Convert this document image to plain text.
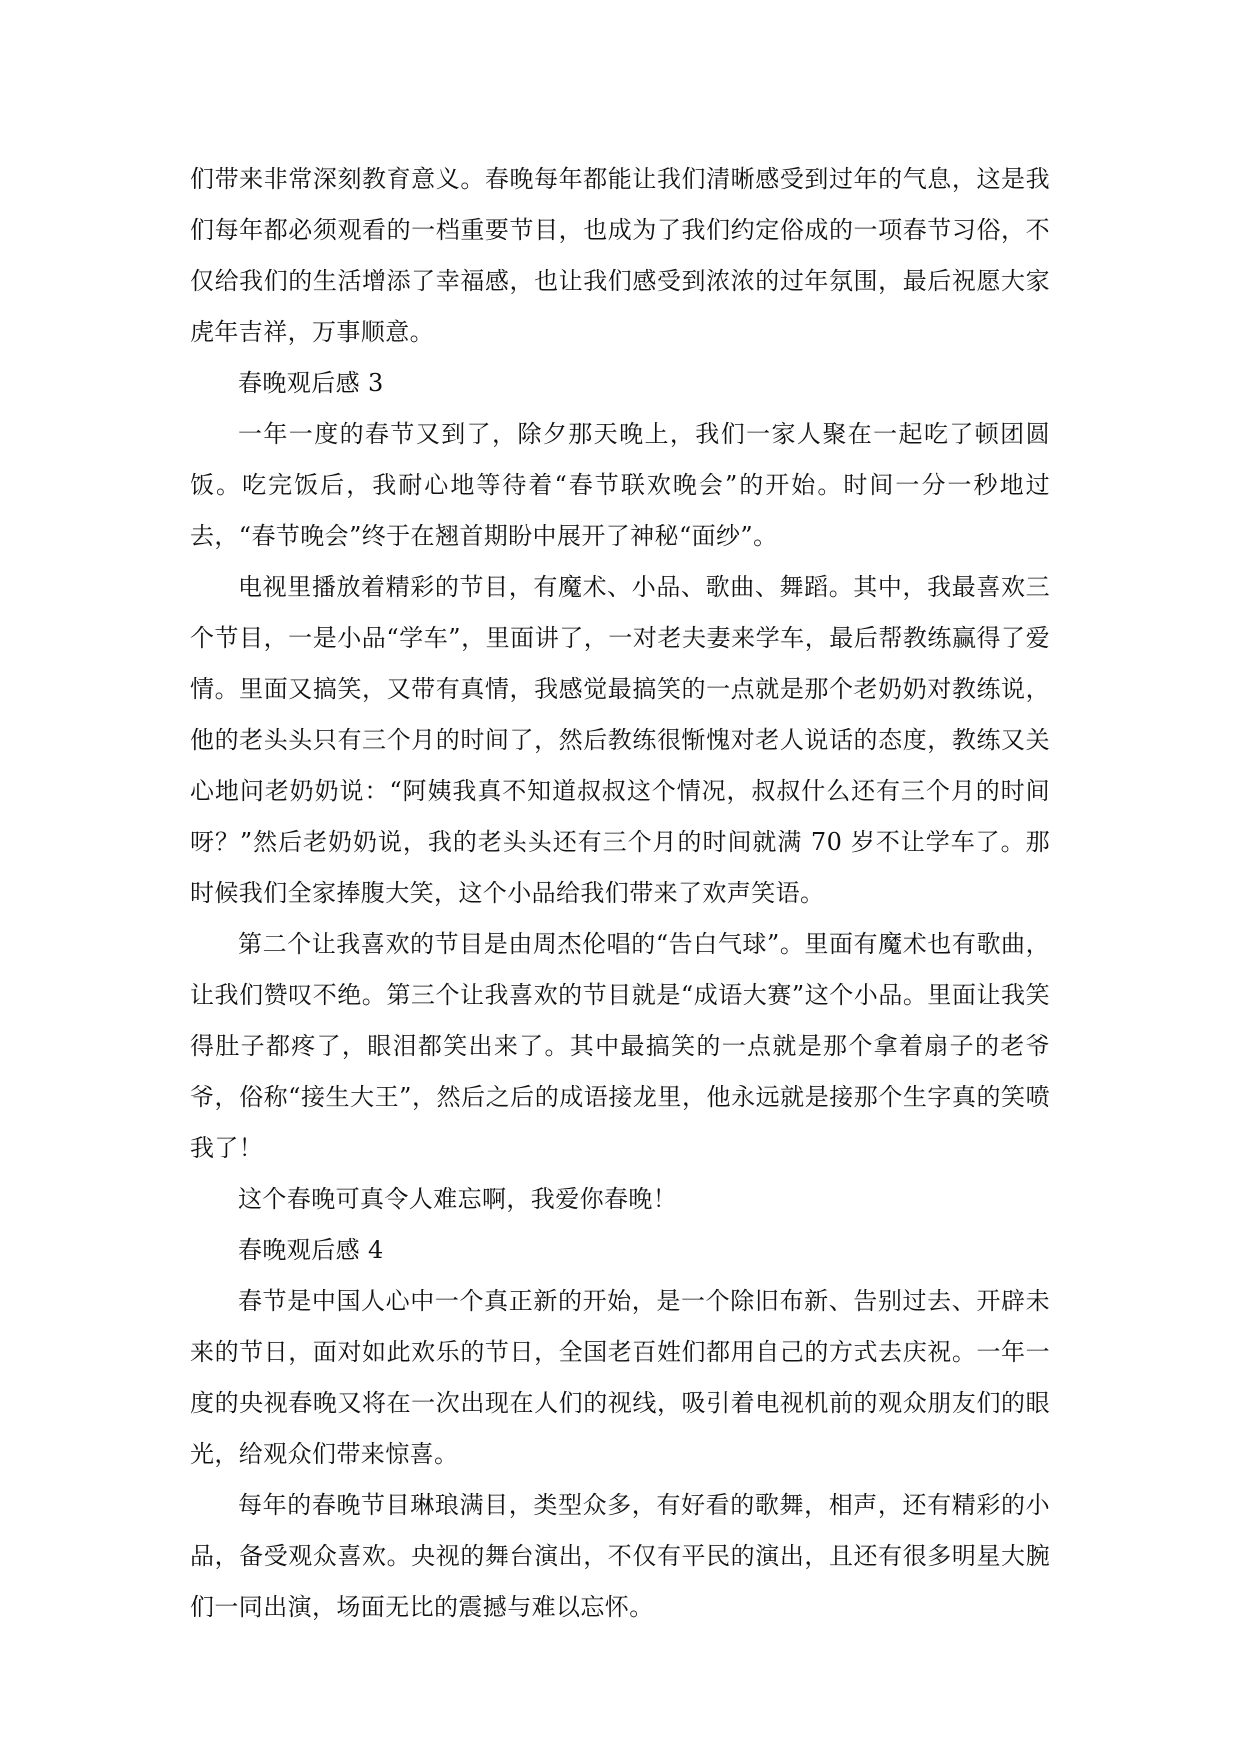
们带来非常深刻教育意义。春晚每年都能让我们清晰感受到过年的气息，这是我们每年都必须观看的一档重要节目，也成为了我们约定俗成的一项春节习俗，不仅给我们的生活增添了幸福感，也让我们感受到浓浓的过年氛围，最后祝愿大家虎年吉祥，万事顺意。

春晚观后感 3

一年一度的春节又到了，除夕那天晚上，我们一家人聚在一起吃了顿团圆饭。吃完饭后，我耐心地等待着“春节联欢晚会”的开始。时间一分一秒地过去，“春节晚会”终于在翘首期盼中展开了神秘“面纱”。

电视里播放着精彩的节目，有魔术、小品、歌曲、舞蹈。其中，我最喜欢三个节目，一是小品“学车”，里面讲了，一对老夫妻来学车，最后帮教练赢得了爱情。里面又搞笑，又带有真情，我感觉最搞笑的一点就是那个老奶奶对教练说，他的老头头只有三个月的时间了，然后教练很惭愧对老人说话的态度，教练又关心地问老奶奶说：“阿姨我真不知道叔叔这个情况，叔叔什么还有三个月的时间呀？”然后老奶奶说，我的老头头还有三个月的时间就满 70 岁不让学车了。那时候我们全家捧腹大笑，这个小品给我们带来了欢声笑语。

第二个让我喜欢的节目是由周杰伦唱的“告白气球”。里面有魔术也有歌曲，让我们赞叹不绝。第三个让我喜欢的节目就是“成语大赛”这个小品。里面让我笑得肚子都疼了，眼泪都笑出来了。其中最搞笑的一点就是那个拿着扇子的老爷爷，俗称“接生大王”，然后之后的成语接龙里，他永远就是接那个生字真的笑喷我了！

这个春晚可真令人难忘啊，我爱你春晚！

春晚观后感 4

春节是中国人心中一个真正新的开始，是一个除旧布新、告别过去、开辟未来的节日，面对如此欢乐的节日，全国老百姓们都用自己的方式去庆祝。一年一度的央视春晚又将在一次出现在人们的视线，吸引着电视机前的观众朋友们的眼光，给观众们带来惊喜。

每年的春晚节目琳琅满目，类型众多，有好看的歌舞，相声，还有精彩的小品，备受观众喜欢。央视的舞台演出，不仅有平民的演出，且还有很多明星大腕们一同出演，场面无比的震撼与难以忘怀。
